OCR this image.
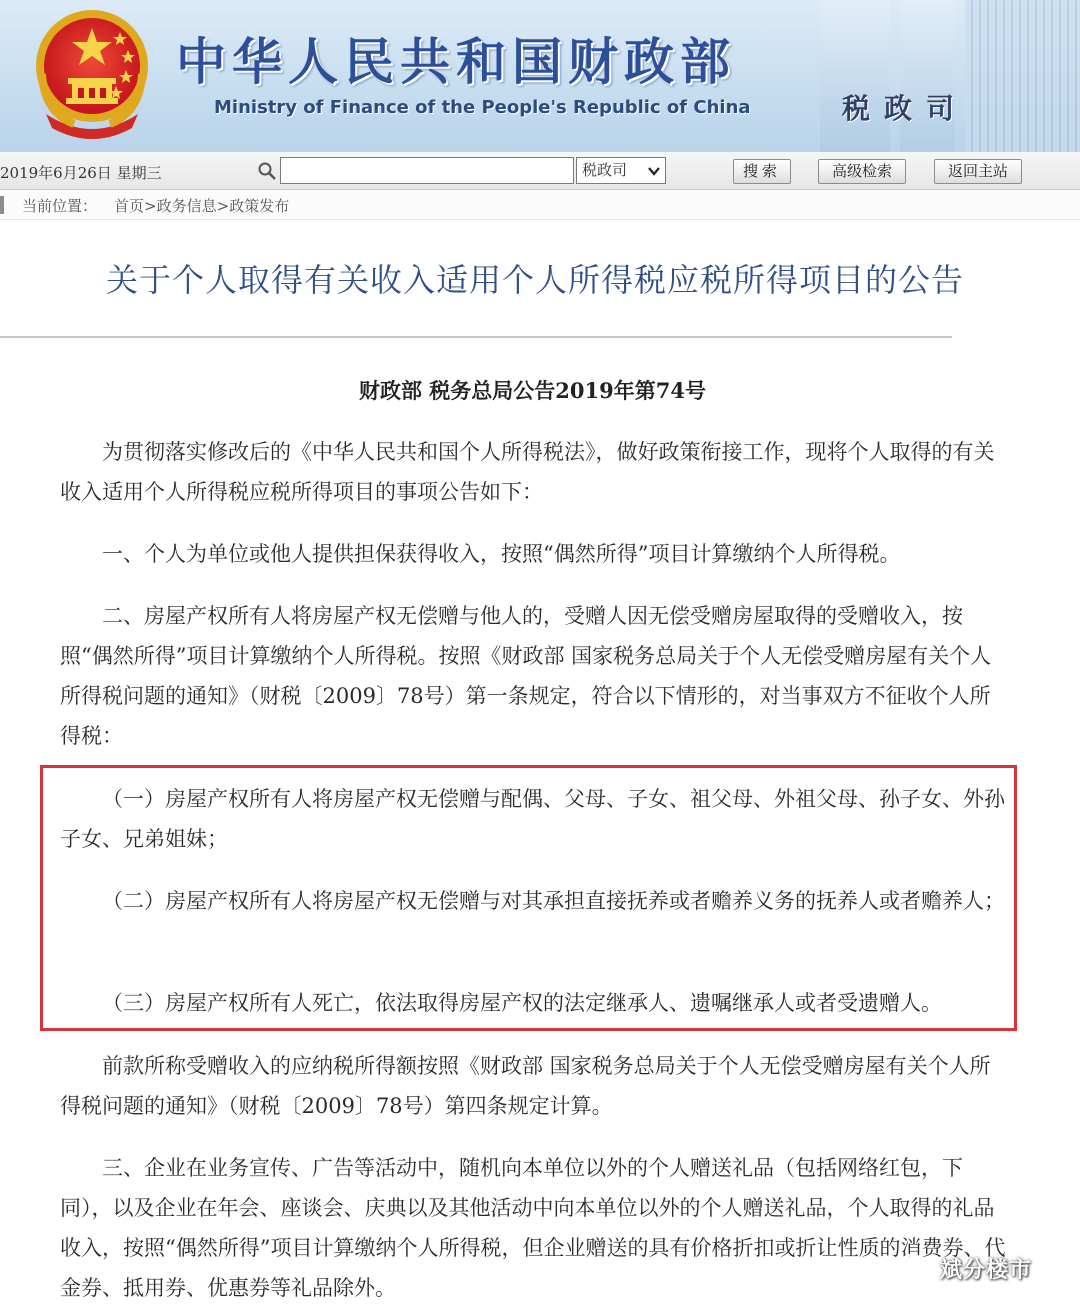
中华人民共和国财政部
Ministry of Finance of the People's Republic of China	税政司
2019年6月26日 星期三	税政司	搜索	高级检索	返回主站
当前位置： 首页>政务信息>政策发布
关于个人取得有关收入适用个人所得税应税所得项目的公告
财政部 税务总局公告2019年第74号
  为贯彻落实修改后的《中华人民共和国个人所得税法》，做好政策衔接工作，现将个人取得的有关收入适用个人所得税应税所得项目的事项公告如下：
  一、个人为单位或他人提供担保获得收入，按照“偶然所得”项目计算缴纳个人所得税。
  二、房屋产权所有人将房屋产权无偿赠与他人的，受赠人因无偿受赠房屋取得的受赠收入，按照“偶然所得”项目计算缴纳个人所得税。按照《财政部 国家税务总局关于个人无偿受赠房屋有关个人所得税问题的通知》（财税〔2009〕78号）第一条规定，符合以下情形的，对当事双方不征收个人所得税：
  （一）房屋产权所有人将房屋产权无偿赠与配偶、父母、子女、祖父母、外祖父母、孙子女、外孙子女、兄弟姐妹；
  （二）房屋产权所有人将房屋产权无偿赠与对其承担直接抚养或者赡养义务的抚养人或者赡养人；
  （三）房屋产权所有人死亡，依法取得房屋产权的法定继承人、遗嘱继承人或者受遗赠人。
  前款所称受赠收入的应纳税所得额按照《财政部 国家税务总局关于个人无偿受赠房屋有关个人所得税问题的通知》（财税〔2009〕78号）第四条规定计算。
  三、企业在业务宣传、广告等活动中，随机向本单位以外的个人赠送礼品（包括网络红包，下同），以及企业在年会、座谈会、庆典以及其他活动中向本单位以外的个人赠送礼品，个人取得的礼品收入，按照“偶然所得”项目计算缴纳个人所得税，但企业赠送的具有价格折扣或折让性质的消费券、代金券、抵用券、优惠券等礼品除外。
斌分楼市
